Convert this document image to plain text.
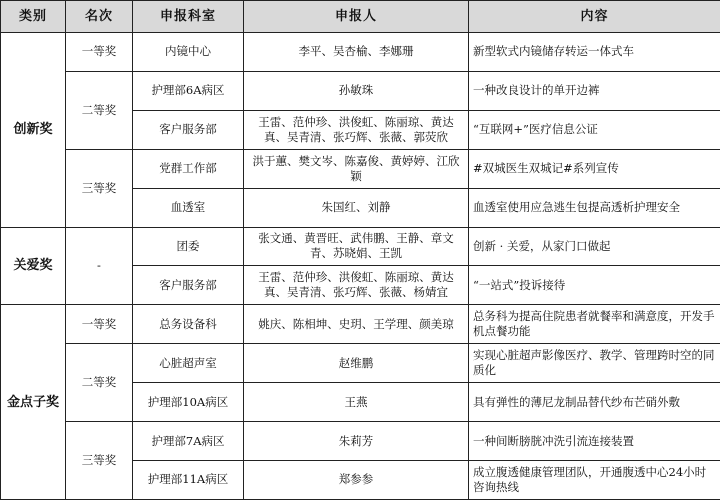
类别	名次	申报科室	申报人	内容
创新奖	一等奖	内镜中心	李平、吴杏榆、李娜珊	新型软式内镜储存转运一体式车
	二等奖	护理部6A病区	孙敏珠	一种改良设计的单开边裤
		客户服务部	王雷、范仲珍、洪俊虹、陈丽琼、黄达真、吴青清、张巧辉、张薇、郭荧欣	“互联网+”医疗信息公证
	三等奖	党群工作部	洪于蕙、樊文岑、陈嘉俊、黄婷婷、江欣颖	#双城医生双城记#系列宣传
		血透室	朱国红、刘静	血透室使用应急逃生包提高透析护理安全
关爱奖	-	团委	张文通、黄晋旺、武伟鹏、王静、章文青、苏晓娟、王凯	创新 · 关爱，从家门口做起
		客户服务部	王雷、范仲珍、洪俊虹、陈丽琼、黄达真、吴青清、张巧辉、张薇、杨婧宜	“一站式”投诉接待
金点子奖	一等奖	总务设备科	姚庆、陈相坤、史玥、王学理、颜美琼	总务科为提高住院患者就餐率和满意度，开发手机点餐功能
	二等奖	心脏超声室	赵维鹏	实现心脏超声影像医疗、教学、管理跨时空的同质化
		护理部10A病区	王燕	具有弹性的薄尼龙制品替代纱布芒硝外敷
	三等奖	护理部7A病区	朱莉芳	一种间断膀胱冲洗引流连接装置
		护理部11A病区	郑参参	成立腹透健康管理团队，开通腹透中心24小时咨询热线
